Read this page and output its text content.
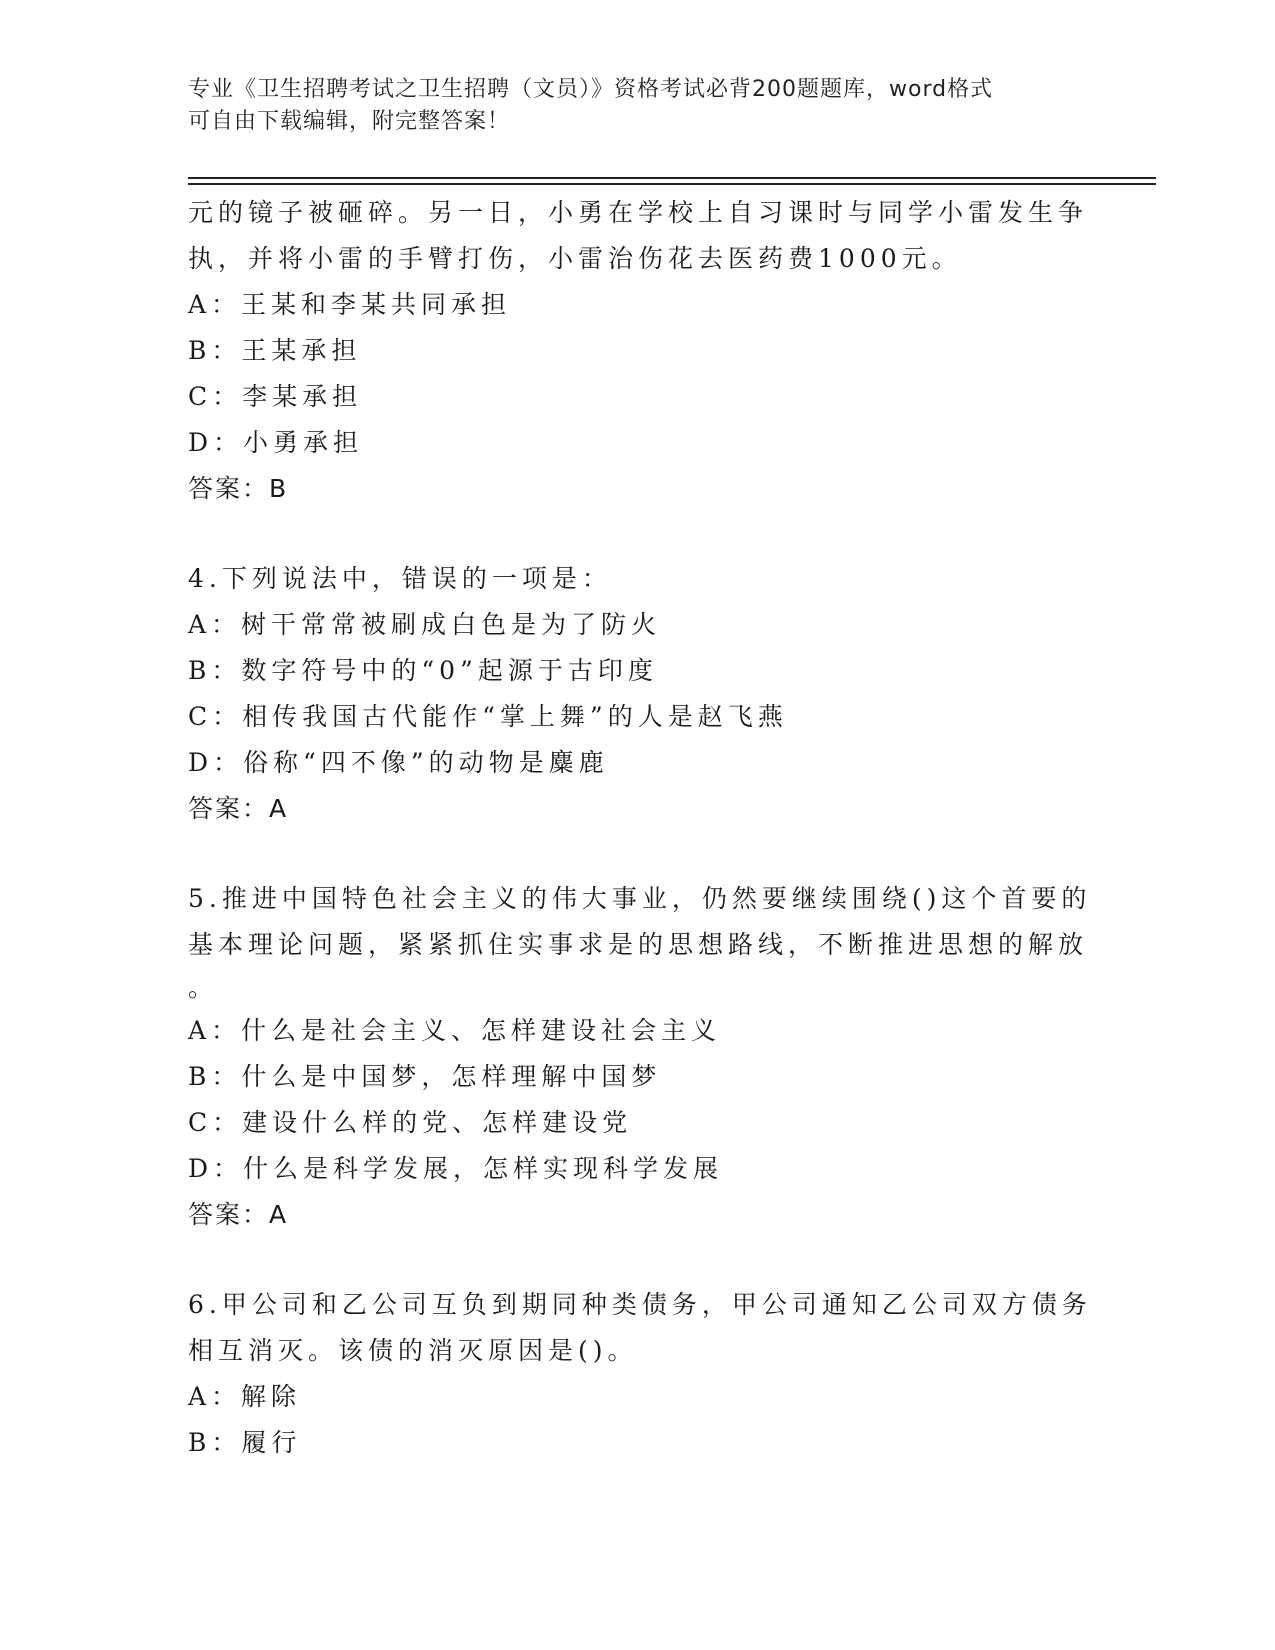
专业《卫生招聘考试之卫生招聘（文员）》资格考试必背200题题库，word格式
可自由下载编辑，附完整答案！
元的镜子被砸碎。另一日，小勇在学校上自习课时与同学小雷发生争
执，并将小雷的手臂打伤，小雷治伤花去医药费1000元。
A：王某和李某共同承担
B：王某承担
C：李某承担
D：小勇承担
答案：B
4.下列说法中，错误的一项是：
A：树干常常被刷成白色是为了防火
B：数字符号中的“0”起源于古印度
C：相传我国古代能作“掌上舞”的人是赵飞燕
D：俗称“四不像”的动物是麋鹿
答案：A
5.推进中国特色社会主义的伟大事业，仍然要继续围绕()这个首要的
基本理论问题，紧紧抓住实事求是的思想路线，不断推进思想的解放
。
A：什么是社会主义、怎样建设社会主义
B：什么是中国梦，怎样理解中国梦
C：建设什么样的党、怎样建设党
D：什么是科学发展，怎样实现科学发展
答案：A
6.甲公司和乙公司互负到期同种类债务，甲公司通知乙公司双方债务
相互消灭。该债的消灭原因是()。
A：解除
B：履行
